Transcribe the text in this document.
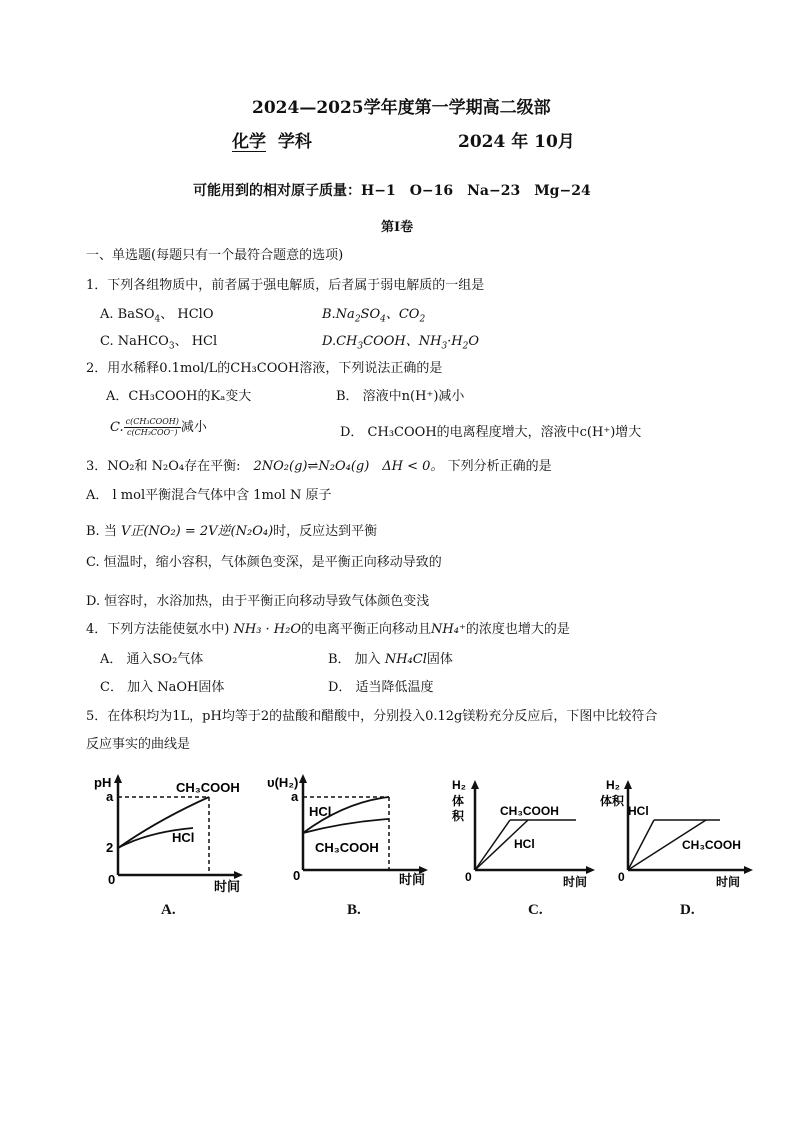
2024—2025学年度第一学期高二级部
化学 学科	2024 年 10月
可能用到的相对原子质量：H−1　O−16　Na−23　Mg−24
第Ⅰ卷
一、单选题(每题只有一个最符合题意的选项)
1．下列各组物质中，前者属于强电解质，后者属于弱电解质的一组是
A. BaSO$_4$、 HClO	$B.Na_2SO_4$、$CO_2$
C. NaHCO$_3$、 HCl	$D.CH_3COOH$、$NH_3\cdot H_2O$
2．用水稀释0.1mol/L的CH₃COOH溶液，下列说法正确的是
A．CH₃COOH的Kₐ变大	B． 溶液中n(H⁺)减小
C. $\frac{\text{c(CH₃COOH)}}{\text{c(CH₃COO⁻)}}$ 减小	D． CH₃COOH的电离程度增大，溶液中c(H⁺)增大
3．NO₂和 N₂O₄存在平衡:　2NO₂(g)⇌N₂O₄(g)　ΔH < 0。 下列分析正确的是
A． l mol平衡混合气体中含 1mol N 原子
B. 当 V正(NO₂) = 2V逆(N₂O₄)时，反应达到平衡
C. 恒温时，缩小容积，气体颜色变深，是平衡正向移动导致的
D. 恒容时，水浴加热，由于平衡正向移动导致气体颜色变浅
4．下列方法能使氨水中) NH₃ · H₂O的电离平衡正向移动且NH₄⁺的浓度也增大的是
A． 通入SO₂气体	B． 加入 NH₄Cl固体
C． 加入 NaOH固体	D． 适当降低温度
5．在体积均为1L，pH均等于2的盐酸和醋酸中，分别投入0.12g镁粉充分反应后，下图中比较符合
反应事实的曲线是
pH
a
2
0	时间
CH₃COOH
HCl
A.
υ(H₂)
a
0	时间
HCl
CH₃COOH
B.
H₂
体
积
0	时间
CH₃COOH
HCl
C.
H₂
体积
0	时间
HCl
CH₃COOH
D.
